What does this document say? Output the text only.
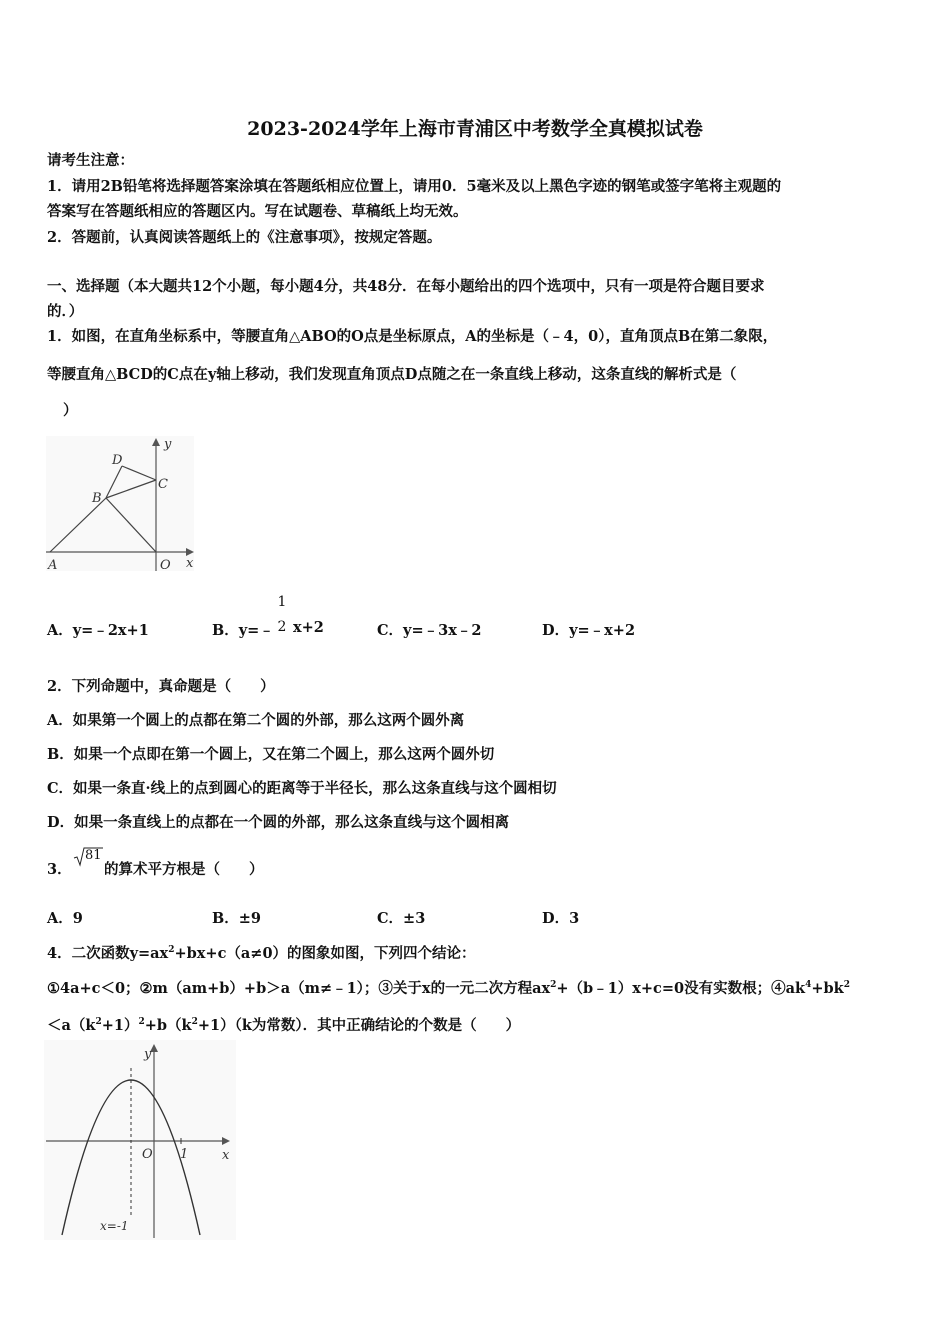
2023-2024学年上海市青浦区中考数学全真模拟试卷
请考生注意：
1．请用2B铅笔将选择题答案涂填在答题纸相应位置上，请用0．5毫米及以上黑色字迹的钢笔或签字笔将主观题的
答案写在答题纸相应的答题区内。写在试题卷、草稿纸上均无效。
2．答题前，认真阅读答题纸上的《注意事项》，按规定答题。
一、选择题（本大题共12个小题，每小题4分，共48分．在每小题给出的四个选项中，只有一项是符合题目要求
的．）
1．如图，在直角坐标系中，等腰直角△ABO的O点是坐标原点，A的坐标是（﹣4，0），直角顶点B在第二象限，
等腰直角△BCD的C点在y轴上移动，我们发现直角顶点D点随之在一条直线上移动，这条直线的解析式是（
）
y
x
D
C
B
A	O
A．y=﹣2x+1	B．y=﹣
1
2 x+2	C．y=﹣3x﹣2	D．y=﹣x+2
2．下列命题中，真命题是（　　）
A．如果第一个圆上的点都在第二个圆的外部，那么这两个圆外离
B．如果一个点即在第一个圆上，又在第二个圆上，那么这两个圆外切
C．如果一条直·线上的点到圆心的距离等于半径长，那么这条直线与这个圆相切
D．如果一条直线上的点都在一个圆的外部，那么这条直线与这个圆相离
3．
81
的算术平方根是（　　）
A．9	B．±9	C．±3	D．3
4．二次函数$y=ax^2+bx+c(a\ne 0)$的图象如图，下列四个结论：
①4a+c＜0；②m（am+b）+b＞a（m≠﹣1）；③关于x的一元二次方程$ax^2+(b﹣1)x+c=0$没有实数根；$④ak^4+bk^2$
$<a(k^2+1)^2+b(k^2+1)(k$为常数）．其中正确结论的个数是（　　）
y
x
O 1
x=-1
